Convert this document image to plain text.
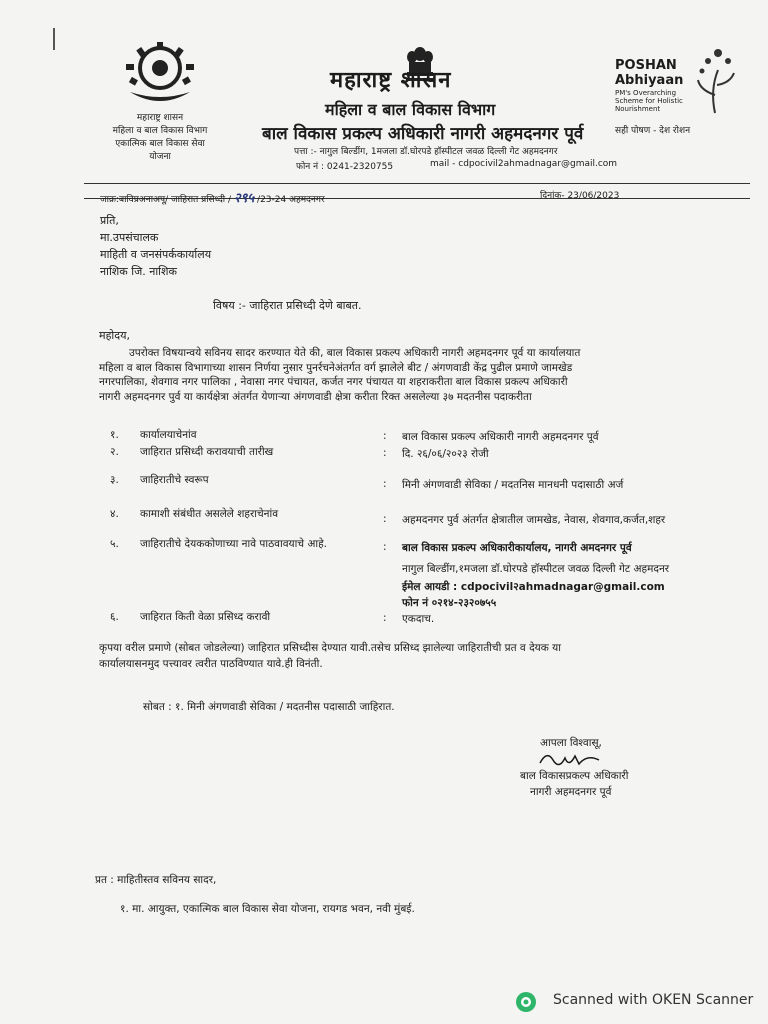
महाराष्ट्र शासन
महिला व बाल विकास विभाग
एकात्मिक बाल विकास सेवा
योजना
महाराष्ट्र शासन
महिला व बाल विकास विभाग
बाल विकास प्रकल्प अधिकारी नागरी अहमदनगर पूर्व
पत्ता :- नागुल बिल्डींग, 1मजला डॉ.घोरपडे हॉस्पीटल जवळ दिल्ली गेट अहमदनगर
फोन नं : 0241-2320755	mail - cdpocivil2ahmadnagar@gmail.com
POSHAN
Abhiyaan
PM's Overarching
Scheme for Holistic
Nourishment
सही पोषण - देश रोशन
जाक्र:बाविप्रअनाअपू/ जाहिरात प्रसिध्दी / २९५ /23-24 अहमदनगर	दिनांक- 23/06/2023
प्रति,
मा.उपसंचालक
माहिती व जनसंपर्ककार्यालय
नाशिक जि. नाशिक
विषय :- जाहिरात प्रसिध्दी देणे बाबत.
महोदय,
उपरोक्त विषयान्वये सविनय सादर करण्यात येते की, बाल विकास प्रकल्प अधिकारी नागरी अहमदनगर पूर्व या कार्यालयात
महिला व बाल विकास विभागाच्या शासन निर्णया नुसार पुनर्रचनेअंतर्गत वर्ग झालेले बीट / अंगणवाडी केंद्र पुढील प्रमाणे जामखेड
नगरपालिका, शेवगाव नगर पालिका , नेवासा नगर पंचायत, कर्जत नगर पंचायत या शहराकरीता बाल विकास प्रकल्प अधिकारी
नागरी अहमदनगर पुर्व या कार्यक्षेत्रा अंतर्गत येणाऱ्या अंगणवाडी क्षेत्रा करीता रिक्त असलेल्या ३७ मदतनीस पदाकरीता
१. कार्यालयाचेनांव	: बाल विकास प्रकल्प अधिकारी नागरी अहमदनगर पूर्व
२. जाहिरात प्रसिध्दी करावयाची तारीख	: दि. २६/०६/२०२३ रोजी
३. जाहिरातीचे स्वरूप	: मिनी अंगणवाडी सेविका / मदतनिस मानधनी पदासाठी अर्ज
४. कामाशी संबंधीत असलेले शहराचेनांव	: अहमदनगर पुर्व अंतर्गत क्षेत्रातील जामखेड, नेवास, शेवगाव,कर्जत,शहर
५. जाहिरातीचे देयककोणाच्या नावे पाठवावयाचे आहे.	: बाल विकास प्रकल्प अधिकारीकार्यालय, नागरी अमदनगर पूर्व
नागुल बिल्डींग,१मजला डॉ.घोरपडे हॉस्पीटल जवळ दिल्ली गेट अहमदनर
ईमेल आयडी : cdpocivil२ahmadnagar@gmail.com
फोन नं ०२१४-२३२०७५५
६. जाहिरात किती वेळा प्रसिध्द करावी	: एकदाच.
कृपया वरील प्रमाणे (सोबत जोडलेल्या) जाहिरात प्रसिध्दीस देण्यात यावी.तसेच प्रसिध्द झालेल्या जाहिरातीची प्रत व देयक या
कार्यालयासनमुद पत्त्यावर त्वरीत पाठविण्यात यावे.ही विनंती.
सोबत : १. मिनी अंगणवाडी सेविका / मदतनीस पदासाठी जाहिरात.
आपला विश्वासू,
बाल विकासप्रकल्प अधिकारी
नागरी अहमदनगर पूर्व
प्रत : माहितीस्तव सविनय सादर,
१. मा. आयुक्त, एकात्मिक बाल विकास सेवा योजना, रायगड भवन, नवी मुंबई.
Scanned with OKEN Scanner
